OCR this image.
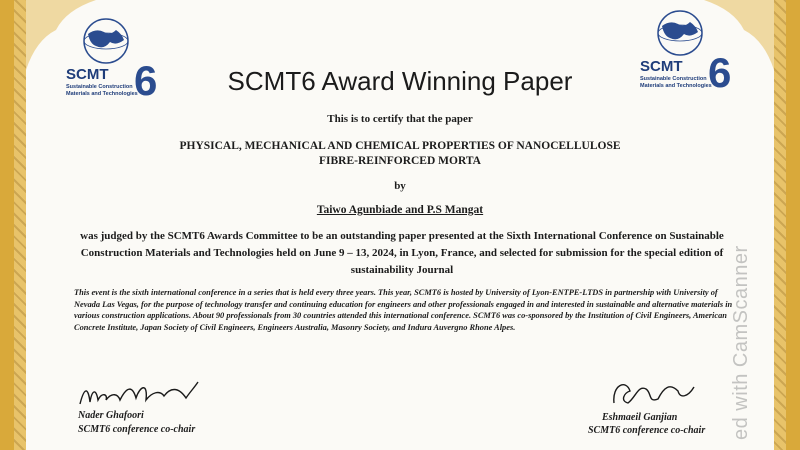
SCMT
Sustainable Construction Materials and Technologies
6	SCMT
Sustainable Construction Materials and Technologies
6
SCMT6 Award Winning Paper
This is to certify that the paper
PHYSICAL, MECHANICAL AND CHEMICAL PROPERTIES OF NANOCELLULOSE
FIBRE-REINFORCED MORTA
by
Taiwo Agunbiade and P.S Mangat
was judged by the SCMT6 Awards Committee to be an outstanding paper presented at the Sixth International Conference on Sustainable Construction Materials and Technologies held on June 9 – 13, 2024, in Lyon, France, and selected for submission for the special edition of sustainability Journal
This event is the sixth international conference in a series that is held every three years. This year, SCMT6 is hosted by University of Lyon-ENTPE-LTDS in partnership with University of Nevada Las Vegas, for the purpose of technology transfer and continuing education for engineers and other professionals engaged in and interested in sustainable and alternative materials in various construction applications. About 90 professionals from 30 countries attended this international conference. SCMT6 was co-sponsored by the Institution of Civil Engineers, American Concrete Institute, Japan Society of Civil Engineers, Engineers Australia, Masonry Society, and Indura Auvergno Rhone Alpes.
Nader Ghafoori
SCMT6 conference co-chair
Eshmaeil Ganjian
SCMT6 conference co-chair ed with CamScanner
